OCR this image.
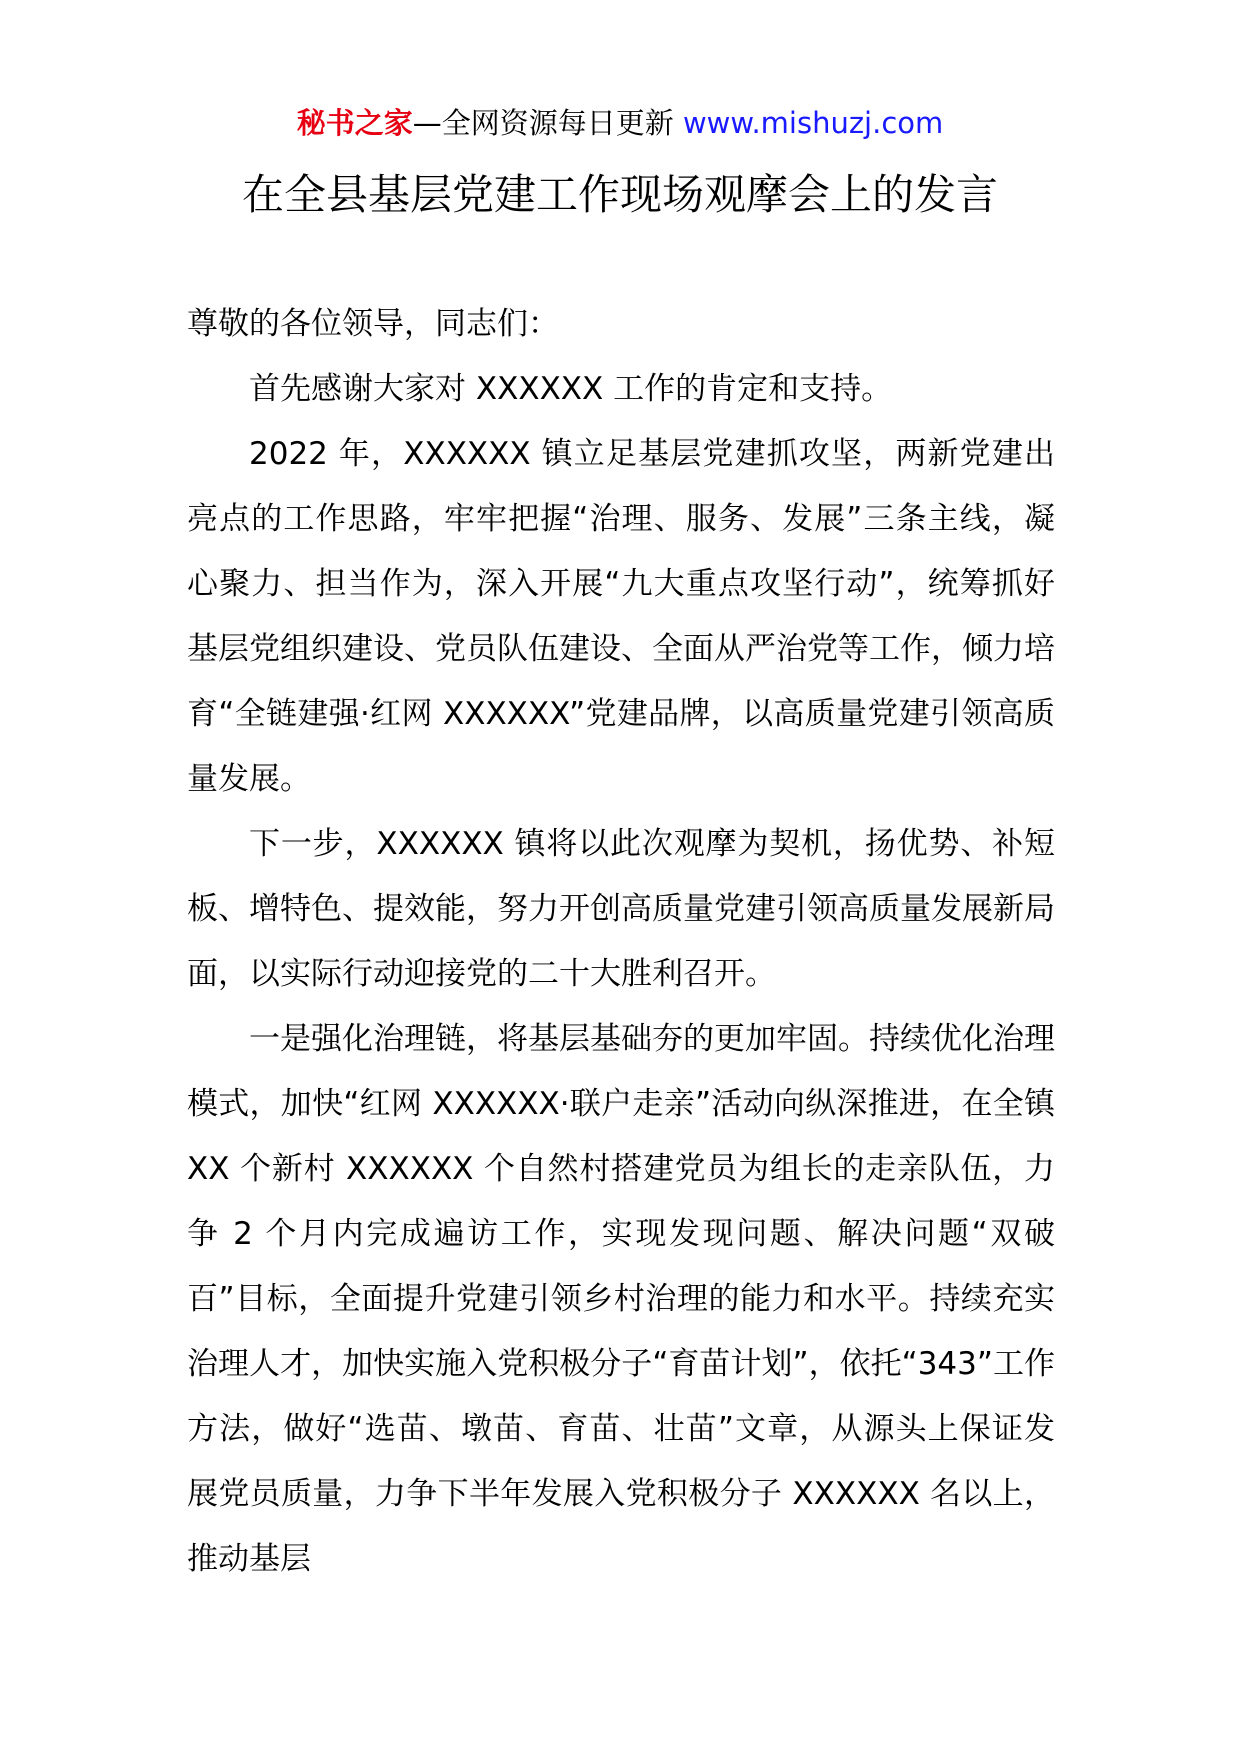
秘书之家—全网资源每日更新 www.mishuzj.com
在全县基层党建工作现场观摩会上的发言

尊敬的各位领导，同志们：

首先感谢大家对 XXXXXX 工作的肯定和支持。

2022 年，XXXXXX 镇立足基层党建抓攻坚，两新党建出亮点的工作思路，牢牢把握“治理、服务、发展”三条主线，凝心聚力、担当作为，深入开展“九大重点攻坚行动”，统筹抓好基层党组织建设、党员队伍建设、全面从严治党等工作，倾力培育“全链建强·红网 XXXXXX”党建品牌，以高质量党建引领高质量发展。

下一步，XXXXXX 镇将以此次观摩为契机，扬优势、补短板、增特色、提效能，努力开创高质量党建引领高质量发展新局面，以实际行动迎接党的二十大胜利召开。

一是强化治理链，将基层基础夯的更加牢固。持续优化治理模式，加快“红网 XXXXXX·联户走亲”活动向纵深推进，在全镇 XX 个新村 XXXXXX 个自然村搭建党员为组长的走亲队伍，力争 2 个月内完成遍访工作，实现发现问题、解决问题“双破百”目标，全面提升党建引领乡村治理的能力和水平。持续充实治理人才，加快实施入党积极分子“育苗计划”，依托“343”工作方法，做好“选苗、墩苗、育苗、壮苗”文章，从源头上保证发展党员质量，力争下半年发展入党积极分子 XXXXXX 名以上，推动基层
